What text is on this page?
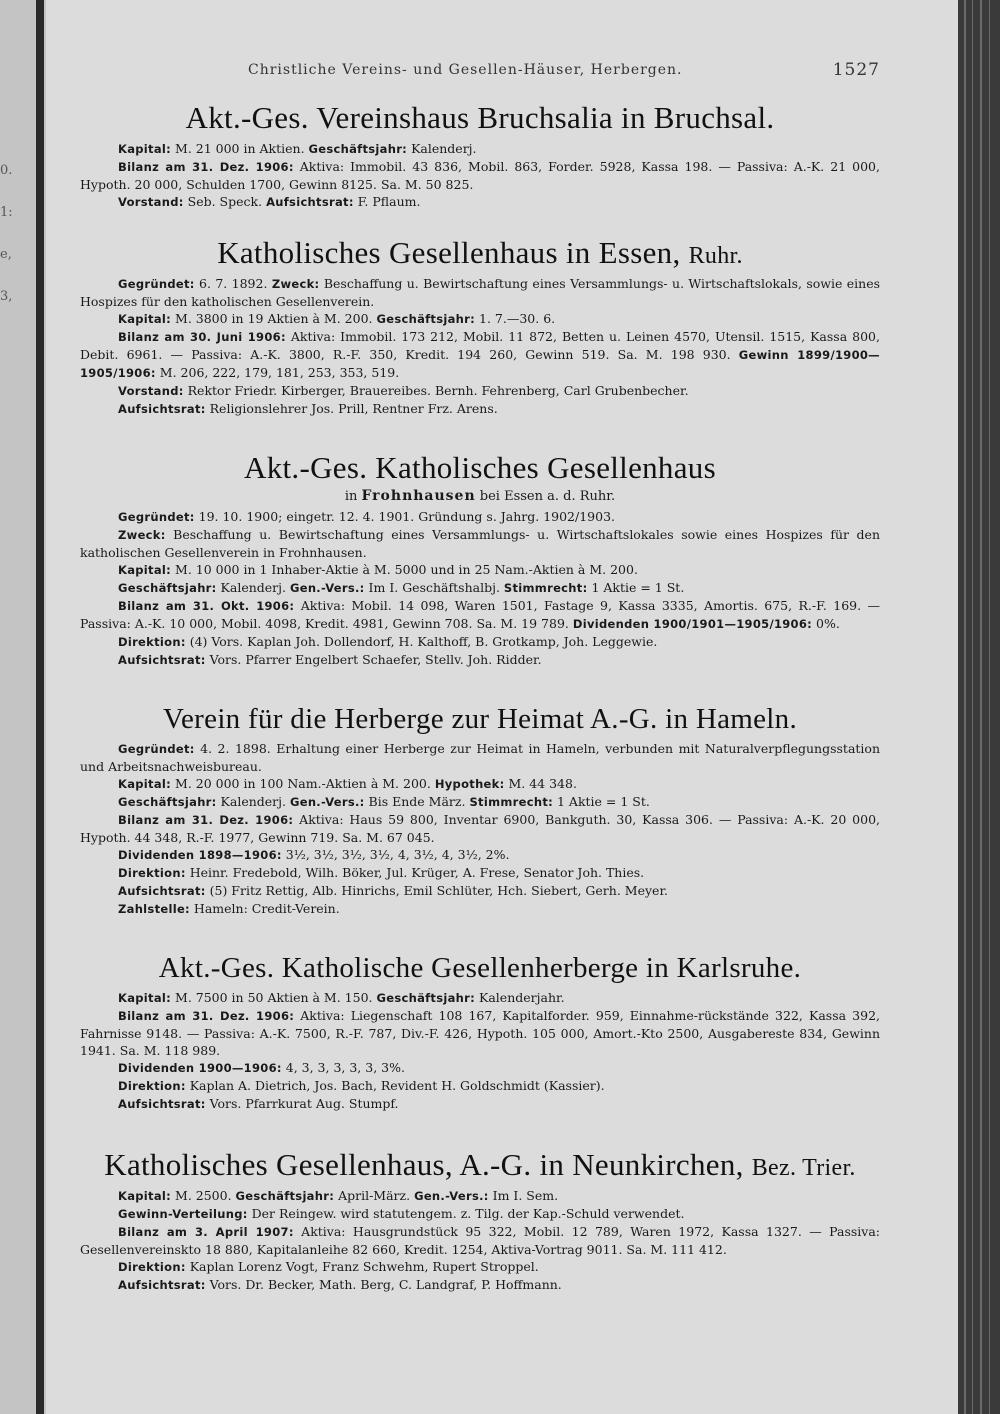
0.
1:
e,
3,
Christliche Vereins- und Gesellen-Häuser, Herbergen.	1527
Akt.-Ges. Vereinshaus Bruchsalia in Bruchsal.

Kapital: M. 21 000 in Aktien. Geschäftsjahr: Kalenderj.

Bilanz am 31. Dez. 1906: Aktiva: Immobil. 43 836, Mobil. 863, Forder. 5928, Kassa 198. — Passiva: A.-K. 21 000, Hypoth. 20 000, Schulden 1700, Gewinn 8125. Sa. M. 50 825.

Vorstand: Seb. Speck. Aufsichtsrat: F. Pflaum.

Katholisches Gesellenhaus in Essen, Ruhr.

Gegründet: 6. 7. 1892. Zweck: Beschaffung u. Bewirtschaftung eines Versammlungs- u. Wirtschaftslokals, sowie eines Hospizes für den katholischen Gesellenverein.

Kapital: M. 3800 in 19 Aktien à M. 200. Geschäftsjahr: 1. 7.—30. 6.

Bilanz am 30. Juni 1906: Aktiva: Immobil. 173 212, Mobil. 11 872, Betten u. Leinen 4570, Utensil. 1515, Kassa 800, Debit. 6961. — Passiva: A.-K. 3800, R.-F. 350, Kredit. 194 260, Gewinn 519. Sa. M. 198 930. Gewinn 1899/1900—1905/1906: M. 206, 222, 179, 181, 253, 353, 519.

Vorstand: Rektor Friedr. Kirberger, Brauereibes. Bernh. Fehrenberg, Carl Grubenbecher.

Aufsichtsrat: Religionslehrer Jos. Prill, Rentner Frz. Arens.

Akt.-Ges. Katholisches Gesellenhaus
in Frohnhausen bei Essen a. d. Ruhr.

Gegründet: 19. 10. 1900; eingetr. 12. 4. 1901. Gründung s. Jahrg. 1902/1903.

Zweck: Beschaffung u. Bewirtschaftung eines Versammlungs- u. Wirtschaftslokales sowie eines Hospizes für den katholischen Gesellenverein in Frohnhausen.

Kapital: M. 10 000 in 1 Inhaber-Aktie à M. 5000 und in 25 Nam.-Aktien à M. 200.

Geschäftsjahr: Kalenderj. Gen.-Vers.: Im I. Geschäftshalbj. Stimmrecht: 1 Aktie = 1 St.

Bilanz am 31. Okt. 1906: Aktiva: Mobil. 14 098, Waren 1501, Fastage 9, Kassa 3335, Amortis. 675, R.-F. 169. — Passiva: A.-K. 10 000, Mobil. 4098, Kredit. 4981, Gewinn 708. Sa. M. 19 789. Dividenden 1900/1901—1905/1906: 0%.

Direktion: (4) Vors. Kaplan Joh. Dollendorf, H. Kalthoff, B. Grotkamp, Joh. Leggewie.

Aufsichtsrat: Vors. Pfarrer Engelbert Schaefer, Stellv. Joh. Ridder.

Verein für die Herberge zur Heimat A.-G. in Hameln.

Gegründet: 4. 2. 1898. Erhaltung einer Herberge zur Heimat in Hameln, verbunden mit Naturalverpflegungsstation und Arbeitsnachweisbureau.

Kapital: M. 20 000 in 100 Nam.-Aktien à M. 200. Hypothek: M. 44 348.

Geschäftsjahr: Kalenderj. Gen.-Vers.: Bis Ende März. Stimmrecht: 1 Aktie = 1 St.

Bilanz am 31. Dez. 1906: Aktiva: Haus 59 800, Inventar 6900, Bankguth. 30, Kassa 306. — Passiva: A.-K. 20 000, Hypoth. 44 348, R.-F. 1977, Gewinn 719. Sa. M. 67 045.

Dividenden 1898—1906: 3½, 3½, 3½, 3½, 4, 3½, 4, 3½, 2%.

Direktion: Heinr. Fredebold, Wilh. Böker, Jul. Krüger, A. Frese, Senator Joh. Thies.

Aufsichtsrat: (5) Fritz Rettig, Alb. Hinrichs, Emil Schlüter, Hch. Siebert, Gerh. Meyer.

Zahlstelle: Hameln: Credit-Verein.

Akt.-Ges. Katholische Gesellenherberge in Karlsruhe.

Kapital: M. 7500 in 50 Aktien à M. 150. Geschäftsjahr: Kalenderjahr.

Bilanz am 31. Dez. 1906: Aktiva: Liegenschaft 108 167, Kapitalforder. 959, Einnahme-rückstände 322, Kassa 392, Fahrnisse 9148. — Passiva: A.-K. 7500, R.-F. 787, Div.-F. 426, Hypoth. 105 000, Amort.-Kto 2500, Ausgabereste 834, Gewinn 1941. Sa. M. 118 989.

Dividenden 1900—1906: 4, 3, 3, 3, 3, 3, 3%.

Direktion: Kaplan A. Dietrich, Jos. Bach, Revident H. Goldschmidt (Kassier).

Aufsichtsrat: Vors. Pfarrkurat Aug. Stumpf.

Katholisches Gesellenhaus, A.-G. in Neunkirchen, Bez. Trier.

Kapital: M. 2500. Geschäftsjahr: April-März. Gen.-Vers.: Im I. Sem.

Gewinn-Verteilung: Der Reingew. wird statutengem. z. Tilg. der Kap.-Schuld verwendet.

Bilanz am 3. April 1907: Aktiva: Hausgrundstück 95 322, Mobil. 12 789, Waren 1972, Kassa 1327. — Passiva: Gesellenvereinskto 18 880, Kapitalanleihe 82 660, Kredit. 1254, Aktiva-Vortrag 9011. Sa. M. 111 412.

Direktion: Kaplan Lorenz Vogt, Franz Schwehm, Rupert Stroppel.

Aufsichtsrat: Vors. Dr. Becker, Math. Berg, C. Landgraf, P. Hoffmann.
